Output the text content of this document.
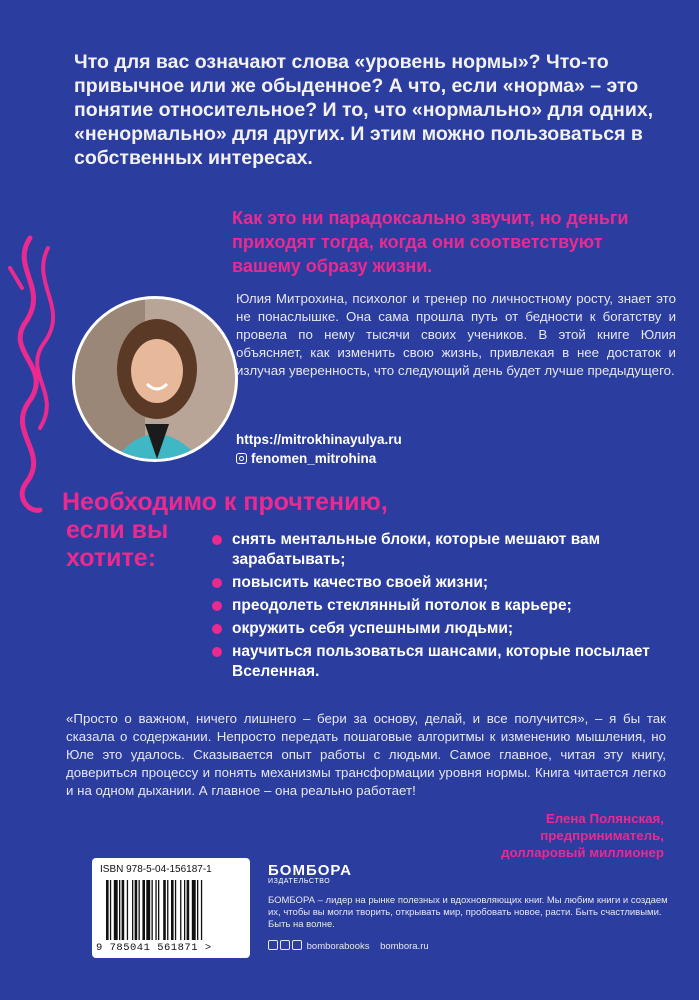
Что для вас означают слова «уровень нормы»? Что-то привычное или же обыденное? А что, если «норма» – это понятие относительное? И то, что «нормально» для одних, «ненормально» для других. И этим можно пользоваться в собственных интересах.
Как это ни парадоксально звучит, но деньги приходят тогда, когда они соответствуют вашему образу жизни.
Юлия Митрохина, психолог и тренер по личностному росту, знает это не понаслышке. Она сама прошла путь от бедности к богатству и провела по нему тысячи своих учеников. В этой книге Юлия объясняет, как изменить свою жизнь, привлекая в нее достаток и излучая уверенность, что следующий день будет лучше предыдущего.
https://mitrokhinayulya.ru
fenomen_mitrohina
Необходимо к прочтению,
если вы
хотите:
снять ментальные блоки, которые мешают вам зарабатывать;
повысить качество своей жизни;
преодолеть стеклянный потолок в карьере;
окружить себя успешными людьми;
научиться пользоваться шансами, которые посылает Вселенная.
«Просто о важном, ничего лишнего – бери за основу, делай, и все получится», – я бы так сказала о содержании. Непросто передать пошаговые алгоритмы к изменению мышления, но Юле это удалось. Сказывается опыт работы с людьми. Самое главное, читая эту книгу, довериться процессу и понять механизмы трансформации уровня нормы. Книга читается легко и на одном дыхании. А главное – она реально работает!
Елена Полянская,
предприниматель,
долларовый миллионер
ISBN 978-5-04-156187-1
9 785041 561871 >
БОМБОРА
ИЗДАТЕЛЬСТВО
БОМБОРА – лидер на рынке полезных и вдохновляющих книг. Мы любим книги и создаем их, чтобы вы могли творить, открывать мир, пробовать новое, расти. Быть счастливыми. Быть на волне.
bomborabooks bombora.ru
